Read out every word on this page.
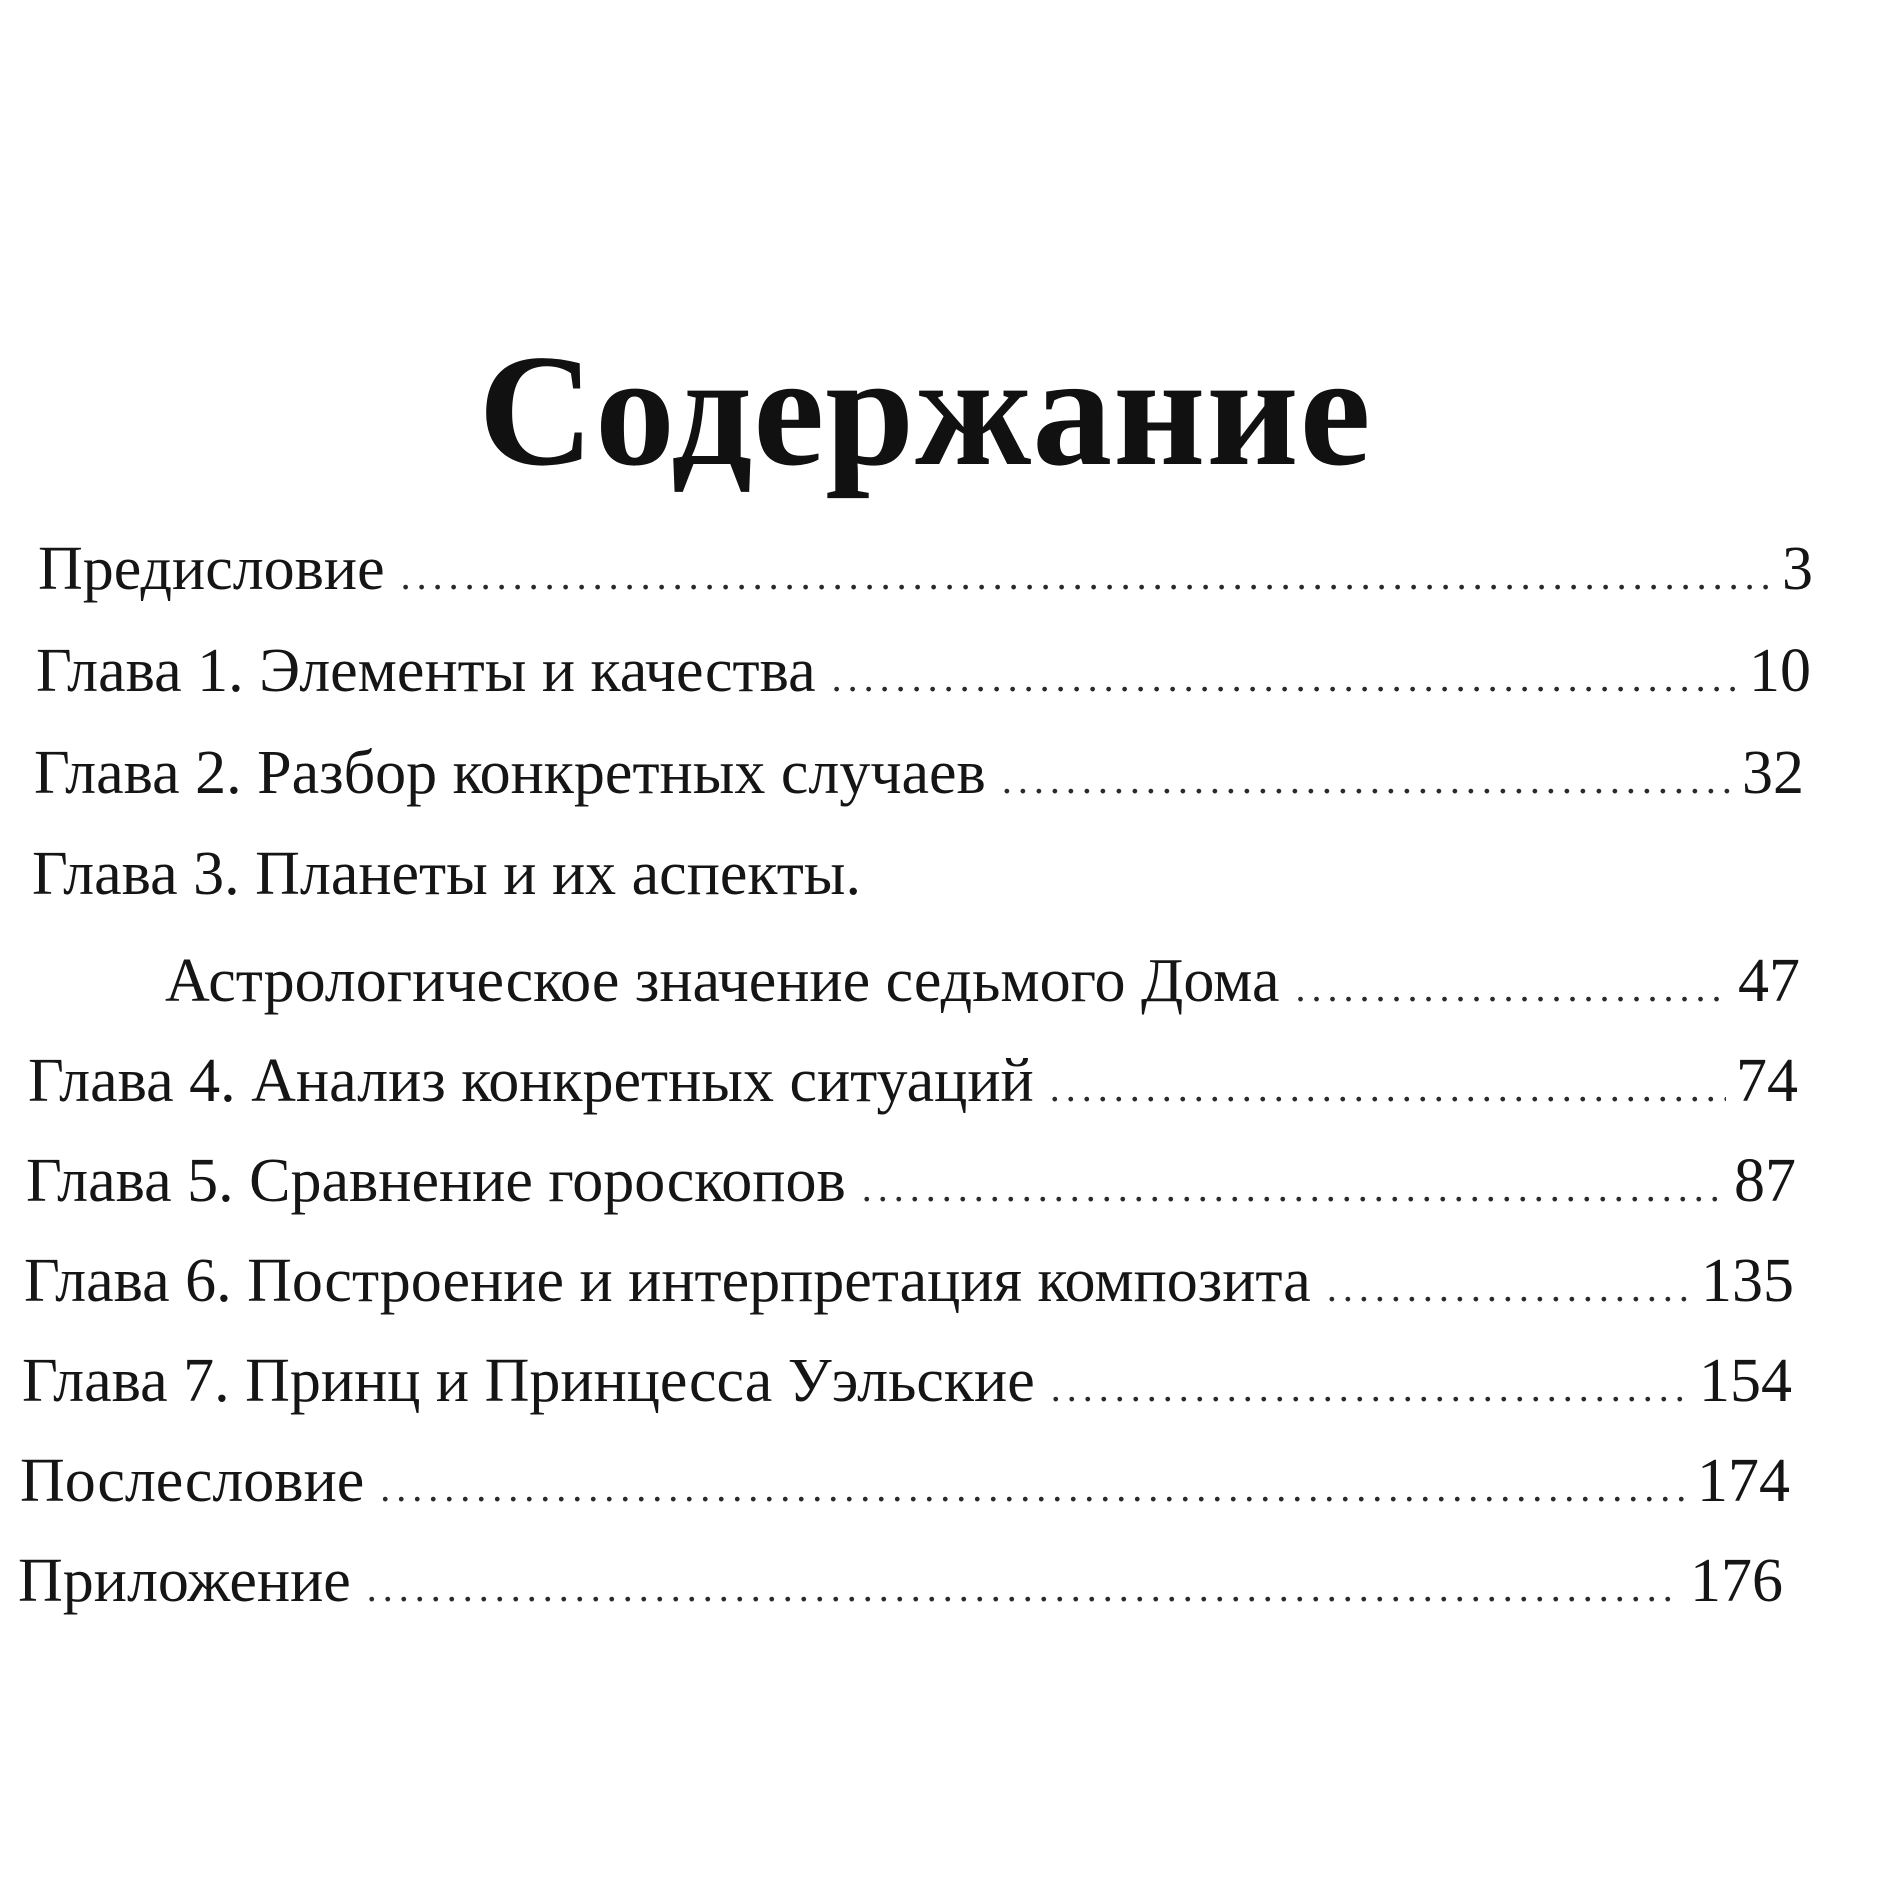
Содержание
Предисловие . . .	3
Глава 1. Элементы и качества . . .	10
Глава 2. Разбор конкретных случаев . . .	32
Глава 3. Планеты и их аспекты.
Астрологическое значение седьмого Дома . . .	47
Глава 4. Анализ конкретных ситуаций . . .	74
Глава 5. Сравнение гороскопов . . .	87
Глава 6. Построение и интерпретация композита . . .	135
Глава 7. Принц и Принцесса Уэльские . . .	154
Послесловие . . .	174
Приложение . . .	176
